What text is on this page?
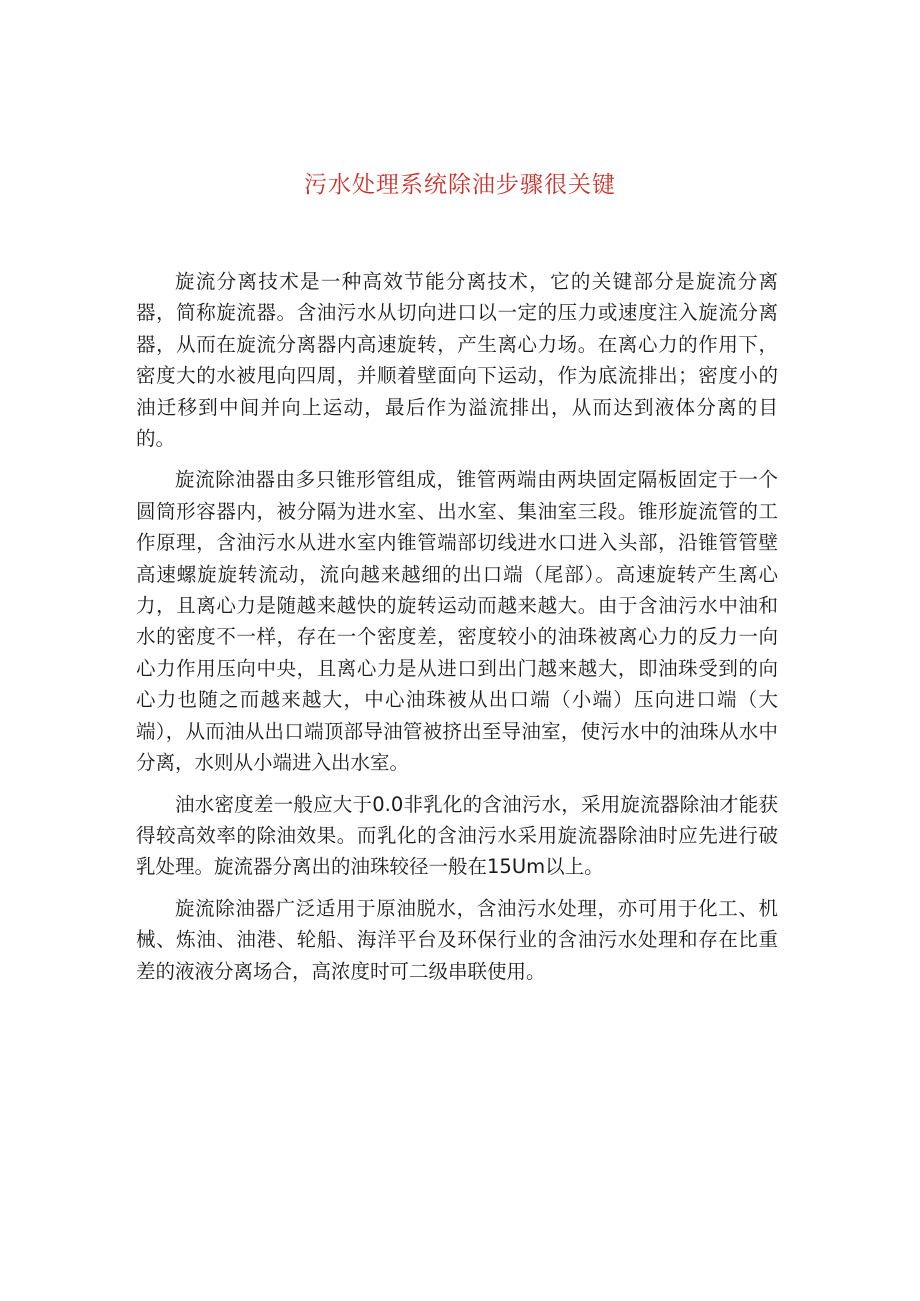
污水处理系统除油步骤很关键

旋流分离技术是一种高效节能分离技术，它的关键部分是旋流分离器，简称旋流器。含油污水从切向进口以一定的压力或速度注入旋流分离器，从而在旋流分离器内高速旋转，产生离心力场。在离心力的作用下，密度大的水被甩向四周，并顺着壁面向下运动，作为底流排出；密度小的油迁移到中间并向上运动，最后作为溢流排出，从而达到液体分离的目的。

旋流除油器由多只锥形管组成，锥管两端由两块固定隔板固定于一个圆筒形容器内，被分隔为进水室、出水室、集油室三段。锥形旋流管的工作原理，含油污水从进水室内锥管端部切线进水口进入头部，沿锥管管壁高速螺旋旋转流动，流向越来越细的出口端（尾部）。高速旋转产生离心力，且离心力是随越来越快的旋转运动而越来越大。由于含油污水中油和水的密度不一样，存在一个密度差，密度较小的油珠被离心力的反力一向心力作用压向中央，且离心力是从进口到出门越来越大，即油珠受到的向心力也随之而越来越大，中心油珠被从出口端（小端）压向进口端（大端），从而油从出口端顶部导油管被挤出至导油室，使污水中的油珠从水中分离，水则从小端进入出水室。

油水密度差一般应大于0.0非乳化的含油污水，采用旋流器除油才能获得较高效率的除油效果。而乳化的含油污水采用旋流器除油时应先进行破乳处理。旋流器分离出的油珠较径一般在15Um以上。

旋流除油器广泛适用于原油脱水，含油污水处理，亦可用于化工、机械、炼油、油港、轮船、海洋平台及环保行业的含油污水处理和存在比重差的液液分离场合，高浓度时可二级串联使用。
